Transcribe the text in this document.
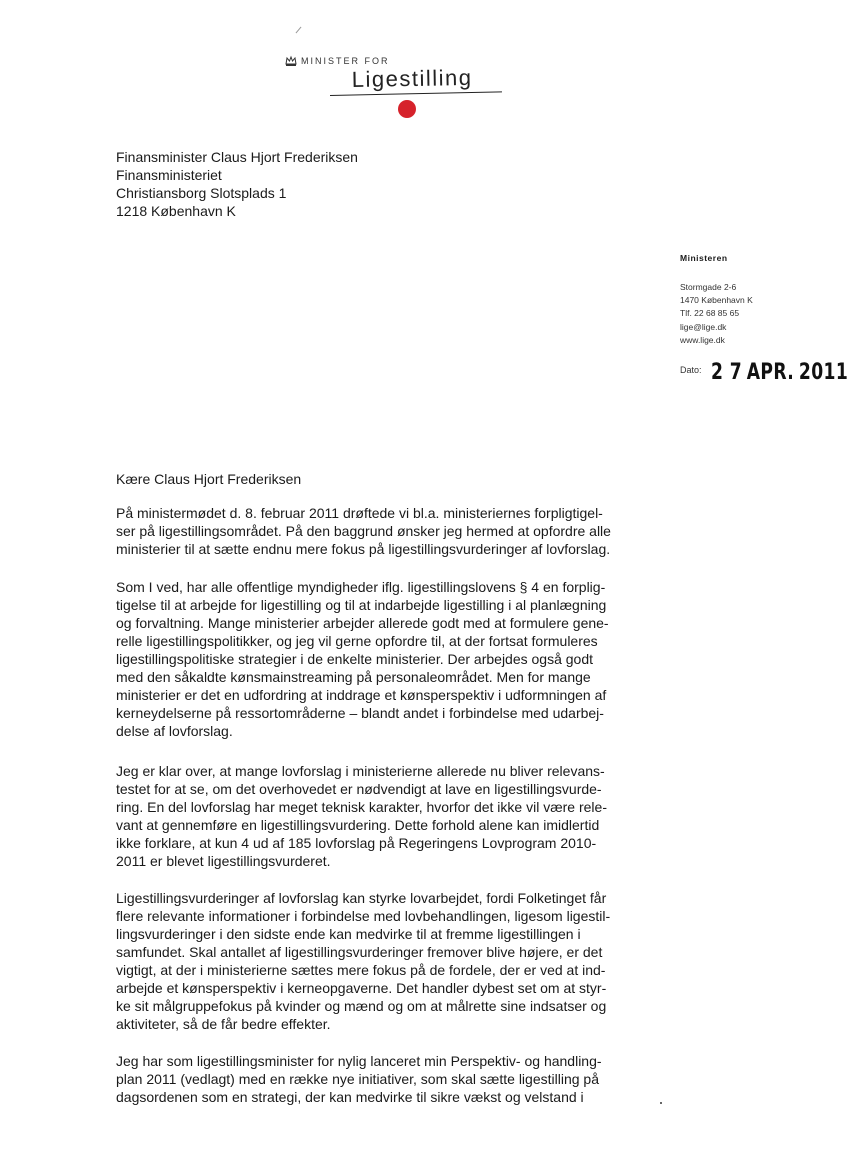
MINISTER FOR
Ligestilling
Finansminister Claus Hjort Frederiksen
Finansministeriet
Christiansborg Slotsplads 1
1218 København K
Ministeren
Stormgade 2-6
1470 København K
Tlf. 22 68 85 65
lige@lige.dk
www.lige.dk
Dato: 2 7 APR. 2011
Kære Claus Hjort Frederiksen
På ministermødet d. 8. februar 2011 drøftede vi bl.a. ministeriernes forpligtigel-
ser på ligestillingsområdet. På den baggrund ønsker jeg hermed at opfordre alle
ministerier til at sætte endnu mere fokus på ligestillingsvurderinger af lovforslag.
Som I ved, har alle offentlige myndigheder iflg. ligestillingslovens § 4 en forplig-
tigelse til at arbejde for ligestilling og til at indarbejde ligestilling i al planlægning
og forvaltning. Mange ministerier arbejder allerede godt med at formulere gene-
relle ligestillingspolitikker, og jeg vil gerne opfordre til, at der fortsat formuleres
ligestillingspolitiske strategier i de enkelte ministerier. Der arbejdes også godt
med den såkaldte kønsmainstreaming på personaleområdet. Men for mange
ministerier er det en udfordring at inddrage et kønsperspektiv i udformningen af
kerneydelserne på ressortområderne – blandt andet i forbindelse med udarbej-
delse af lovforslag.
Jeg er klar over, at mange lovforslag i ministerierne allerede nu bliver relevans-
testet for at se, om det overhovedet er nødvendigt at lave en ligestillingsvurde-
ring. En del lovforslag har meget teknisk karakter, hvorfor det ikke vil være rele-
vant at gennemføre en ligestillingsvurdering. Dette forhold alene kan imidlertid
ikke forklare, at kun 4 ud af 185 lovforslag på Regeringens Lovprogram 2010-
2011 er blevet ligestillingsvurderet.
Ligestillingsvurderinger af lovforslag kan styrke lovarbejdet, fordi Folketinget får
flere relevante informationer i forbindelse med lovbehandlingen, ligesom ligestil-
lingsvurderinger i den sidste ende kan medvirke til at fremme ligestillingen i
samfundet. Skal antallet af ligestillingsvurderinger fremover blive højere, er det
vigtigt, at der i ministerierne sættes mere fokus på de fordele, der er ved at ind-
arbejde et kønsperspektiv i kerneopgaverne. Det handler dybest set om at styr-
ke sit målgruppefokus på kvinder og mænd og om at målrette sine indsatser og
aktiviteter, så de får bedre effekter.
Jeg har som ligestillingsminister for nylig lanceret min Perspektiv- og handling-
plan 2011 (vedlagt) med en række nye initiativer, som skal sætte ligestilling på
dagsordenen som en strategi, der kan medvirke til sikre vækst og velstand i
